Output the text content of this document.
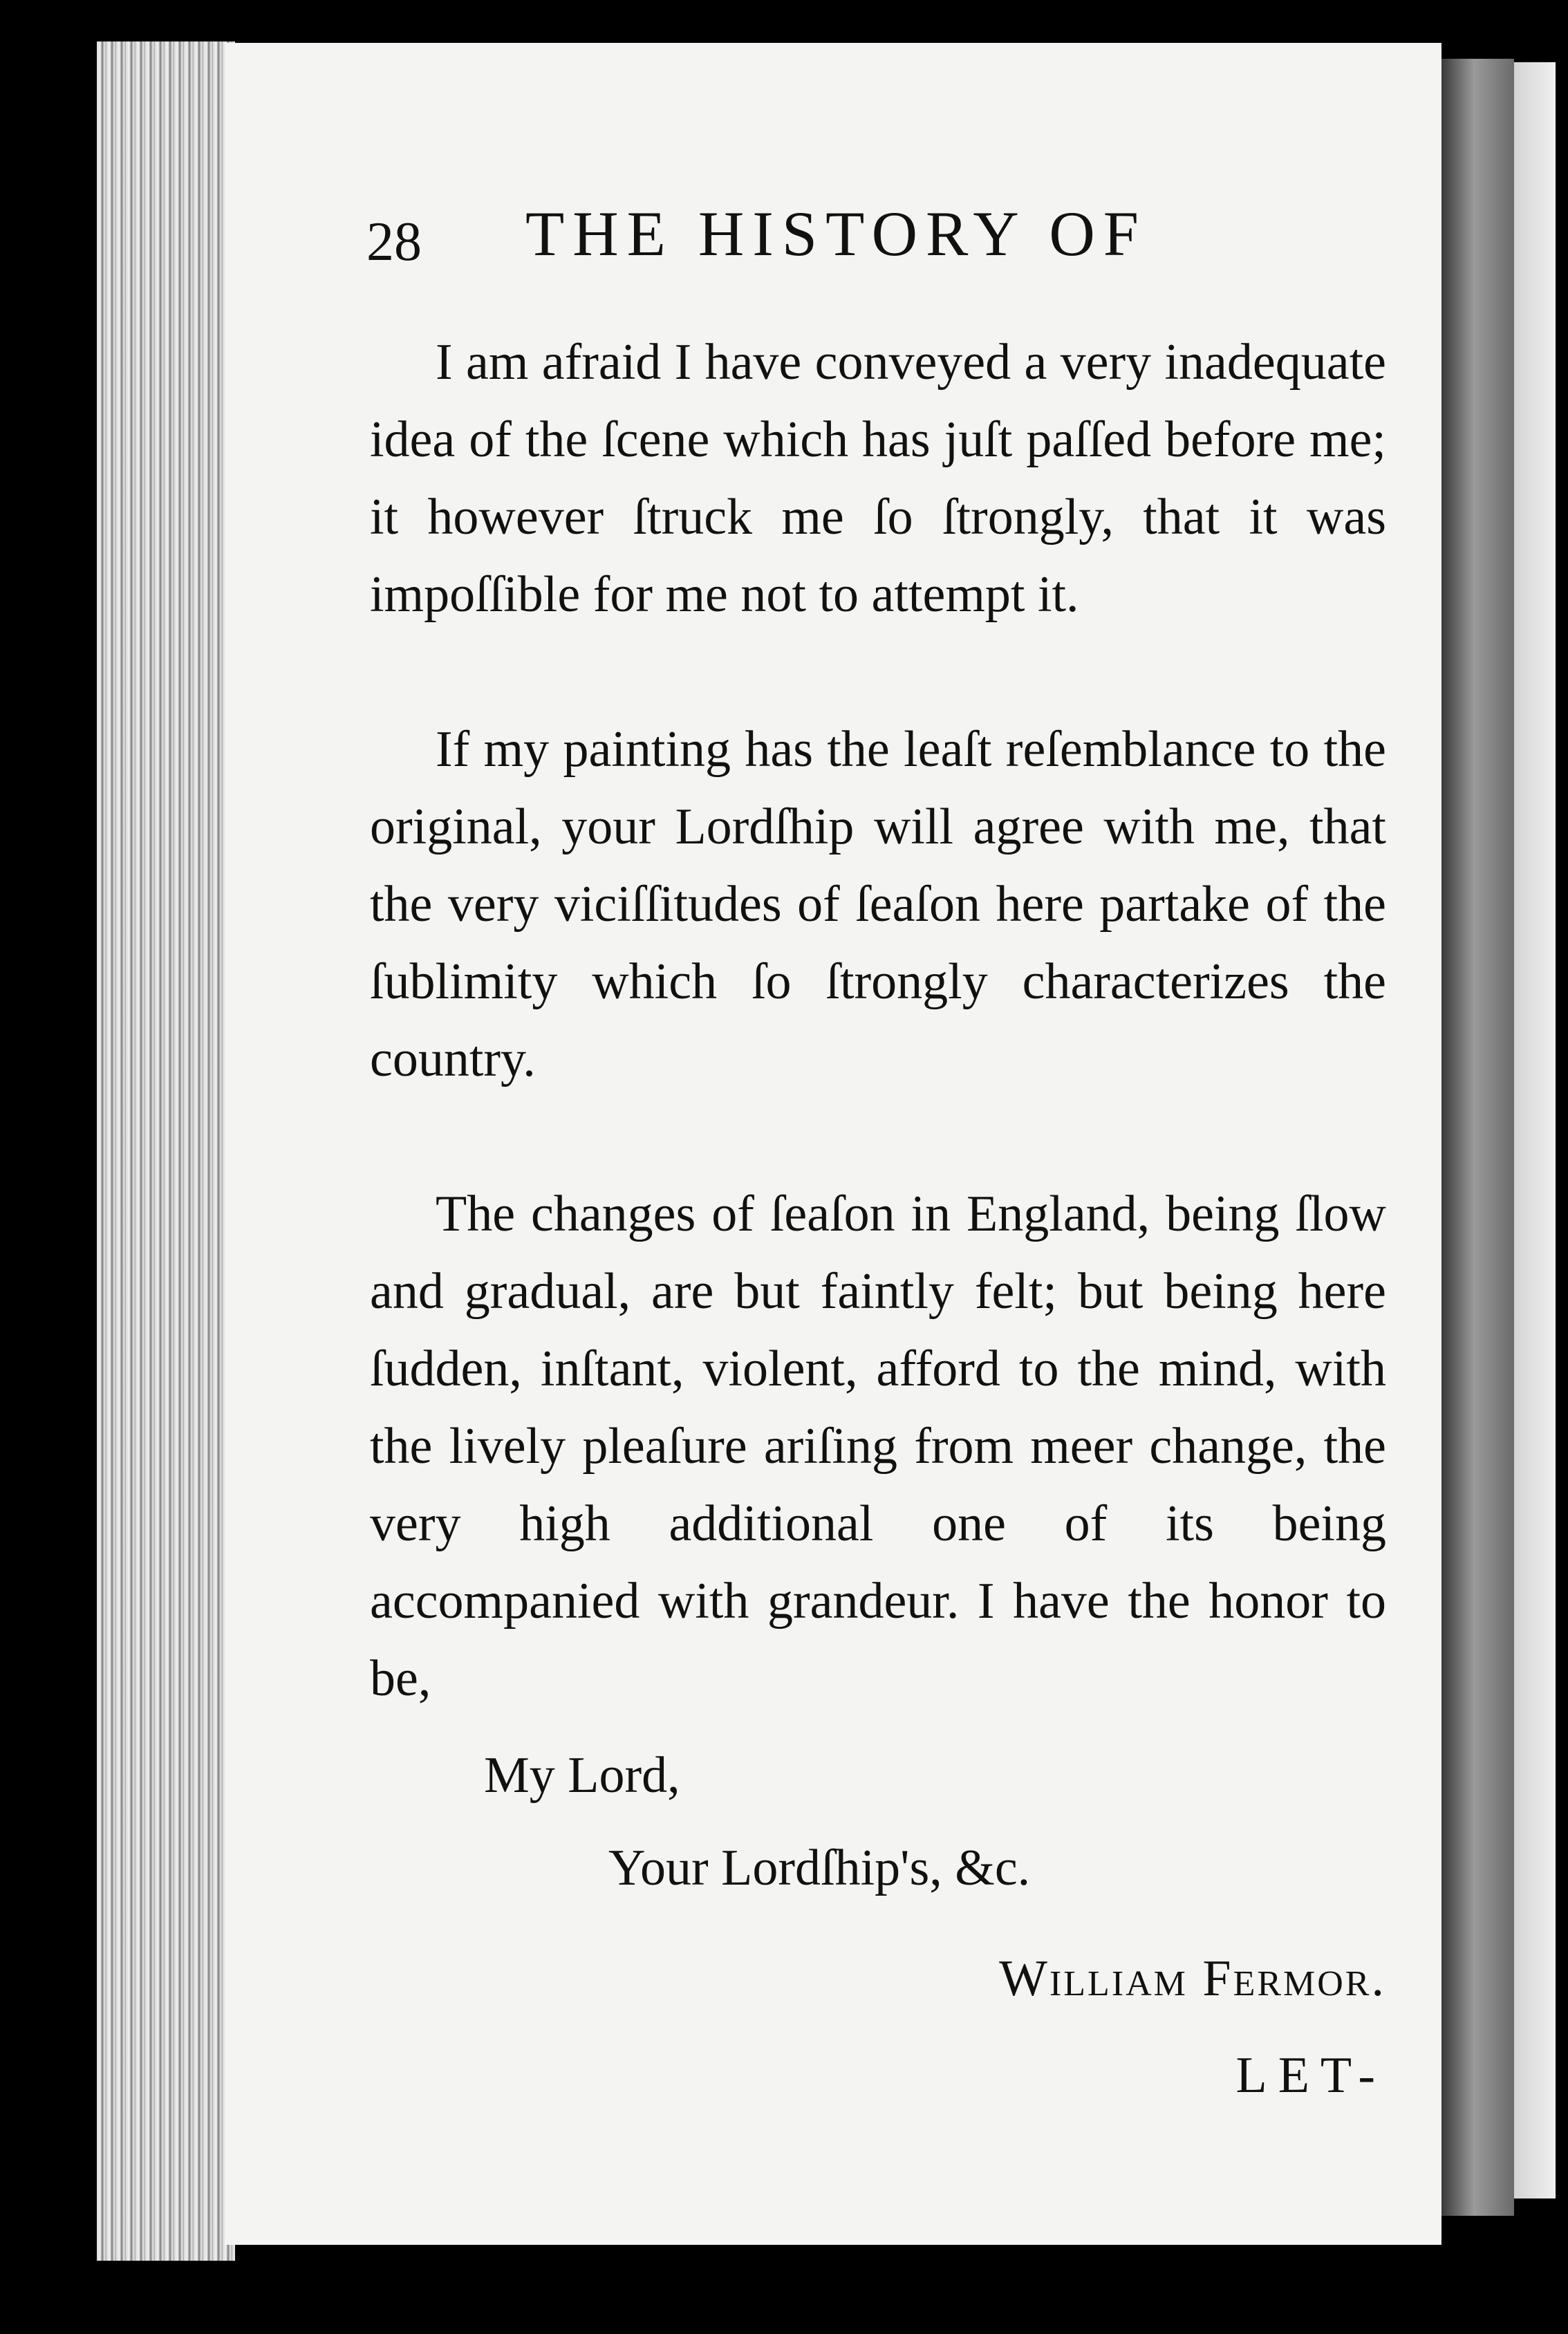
28 THE HISTORY OF

I am afraid I have conveyed a very inadequate idea of the ſcene which has juſt paſſed before me; it however ſtruck me ſo ſtrongly, that it was impoſſible for me not to attempt it.

If my painting has the leaſt reſemblance to the original, your Lordſhip will agree with me, that the very viciſſitudes of ſeaſon here partake of the ſublimity which ſo ſtrongly characterizes the country.

The changes of ſeaſon in England, being ſlow and gradual, are but faintly felt; but being here ſudden, inſtant, violent, afford to the mind, with the lively pleaſure ariſing from meer change, the very high additional one of its being accompanied with grandeur. I have the honor to be,

My Lord,

Your Lordſhip's, &c.

William Fermor.

LET-
